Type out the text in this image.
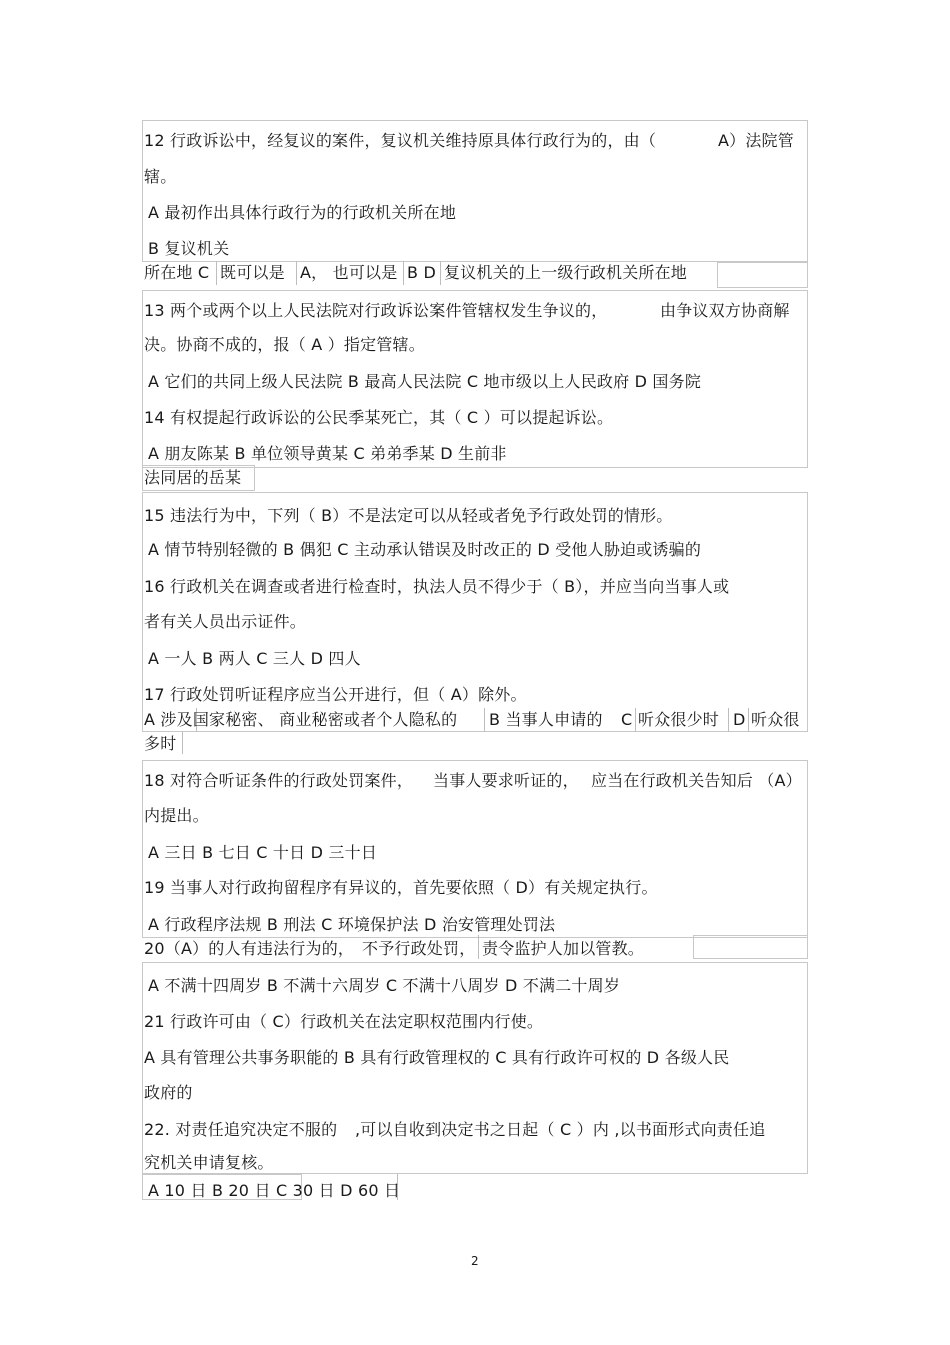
12 行政诉讼中，经复议的案件，复议机关维持原具体行政行为的，由（	A）法院管
辖。
A 最初作出具体行政行为的行政机关所在地
B 复议机关
所在地 C 既可以是 A， 也可以是 B D 复议机关的上一级行政机关所在地
13 两个或两个以上人民法院对行政诉讼案件管辖权发生争议的，	由争议双方协商解
决。协商不成的，报（ A ）指定管辖。
A 它们的共同上级人民法院 B 最高人民法院 C 地市级以上人民政府 D 国务院
14 有权提起行政诉讼的公民季某死亡，其（ C ）可以提起诉讼。
A 朋友陈某 B 单位领导黄某 C 弟弟季某 D 生前非
法同居的岳某
15 违法行为中，下列（ B）不是法定可以从轻或者免予行政处罚的情形。
A 情节特别轻微的 B 偶犯 C 主动承认错误及时改正的 D 受他人胁迫或诱骗的
16 行政机关在调查或者进行检查时，执法人员不得少于（ B），并应当向当事人或
者有关人员出示证件。
A 一人 B 两人 C 三人 D 四人
17 行政处罚听证程序应当公开进行，但（ A）除外。
A 涉及国家秘密、 商业秘密或者个人隐私的 B 当事人申请的 C 听众很少时 D 听众很
多时
18 对符合听证条件的行政处罚案件， 当事人要求听证的， 应当在行政机关告知后 （A）
内提出。
A 三日 B 七日 C 十日 D 三十日
19 当事人对行政拘留程序有异议的，首先要依照（ D）有关规定执行。
A 行政程序法规 B 刑法 C 环境保护法 D 治安管理处罚法
20（A）的人有违法行为的， 不予行政处罚， 责令监护人加以管教。
A 不满十四周岁 B 不满十六周岁 C 不满十八周岁 D 不满二十周岁
21 行政许可由（ C）行政机关在法定职权范围内行使。
A 具有管理公共事务职能的 B 具有行政管理权的 C 具有行政许可权的 D 各级人民
政府的
22. 对责任追究决定不服的 ,可以自收到决定书之日起（ C ）内 ,以书面形式向责任追
究机关申请复核。
A 10 日 B 20 日 C 30 日 D 60 日
2
